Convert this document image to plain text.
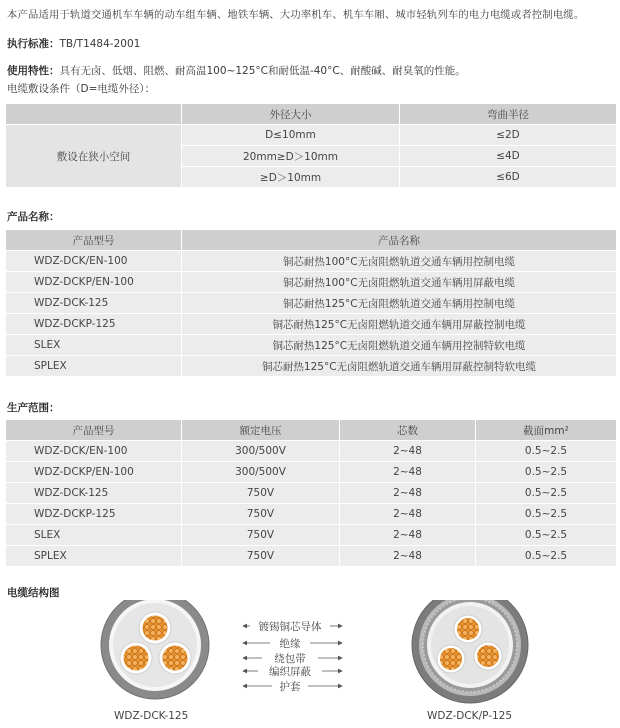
本产品适用于轨道交通机车车辆的动车组车辆、地铁车辆、大功率机车、机车车厢、城市轻轨列车的电力电缆或者控制电缆。
执行标准：TB/T1484-2001
使用特性：具有无卤、低烟、阻燃、耐高温100~125°C和耐低温-40°C、耐酸碱、耐臭氧的性能。
电缆敷设条件（D=电缆外径）：
	外径大小	弯曲半径
敷设在狭小空间	D≤10mm	≤2D
	20mm≥D＞10mm	≤4D
	≥D＞10mm	≤6D
产品名称：
产品型号	产品名称
WDZ-DCK/EN-100	铜芯耐热100°C无卤阻燃轨道交通车辆用控制电缆
WDZ-DCKP/EN-100	铜芯耐热100°C无卤阻燃轨道交通车辆用屏蔽电缆
WDZ-DCK-125	铜芯耐热125°C无卤阻燃轨道交通车辆用控制电缆
WDZ-DCKP-125	铜芯耐热125°C无卤阻燃轨道交通车辆用屏蔽控制电缆
SLEX	铜芯耐热125°C无卤阻燃轨道交通车辆用控制特软电缆
SPLEX	铜芯耐热125°C无卤阻燃轨道交通车辆用屏蔽控制特软电缆
生产范围：
产品型号	额定电压	芯数	截面mm²
WDZ-DCK/EN-100	300/500V	2~48	0.5~2.5
WDZ-DCKP/EN-100	300/500V	2~48	0.5~2.5
WDZ-DCK-125	750V	2~48	0.5~2.5
WDZ-DCKP-125	750V	2~48	0.5~2.5
SLEX	750V	2~48	0.5~2.5
SPLEX	750V	2~48	0.5~2.5
电缆结构图
镀锡铜芯导体
绝缘
绕包带
编织屏蔽
护套
WDZ-DCK-125	WDZ-DCK/P-125
